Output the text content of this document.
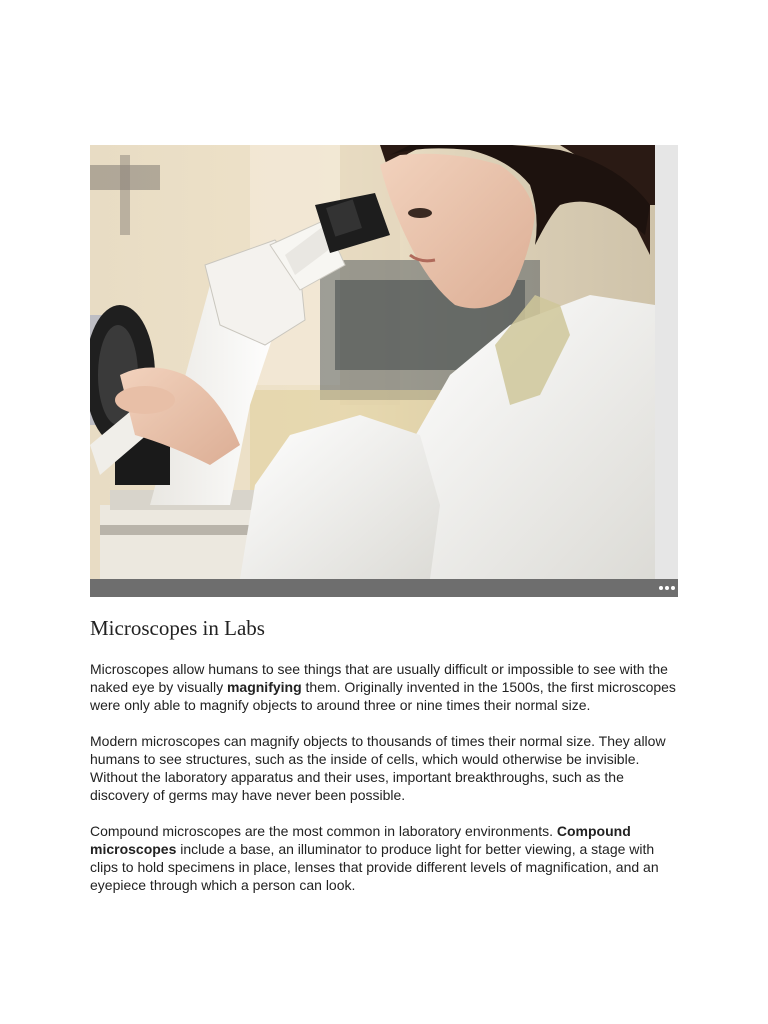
Microscopes in Labs

Microscopes allow humans to see things that are usually difficult or impossible to see with the naked eye by visually magnifying them. Originally invented in the 1500s, the first microscopes were only able to magnify objects to around three or nine times their normal size.

Modern microscopes can magnify objects to thousands of times their normal size. They allow humans to see structures, such as the inside of cells, which would otherwise be invisible. Without the laboratory apparatus and their uses, important breakthroughs, such as the discovery of germs may have never been possible.

Compound microscopes are the most common in laboratory environments. Compound microscopes include a base, an illuminator to produce light for better viewing, a stage with clips to hold specimens in place, lenses that provide different levels of magnification, and an eyepiece through which a person can look.
